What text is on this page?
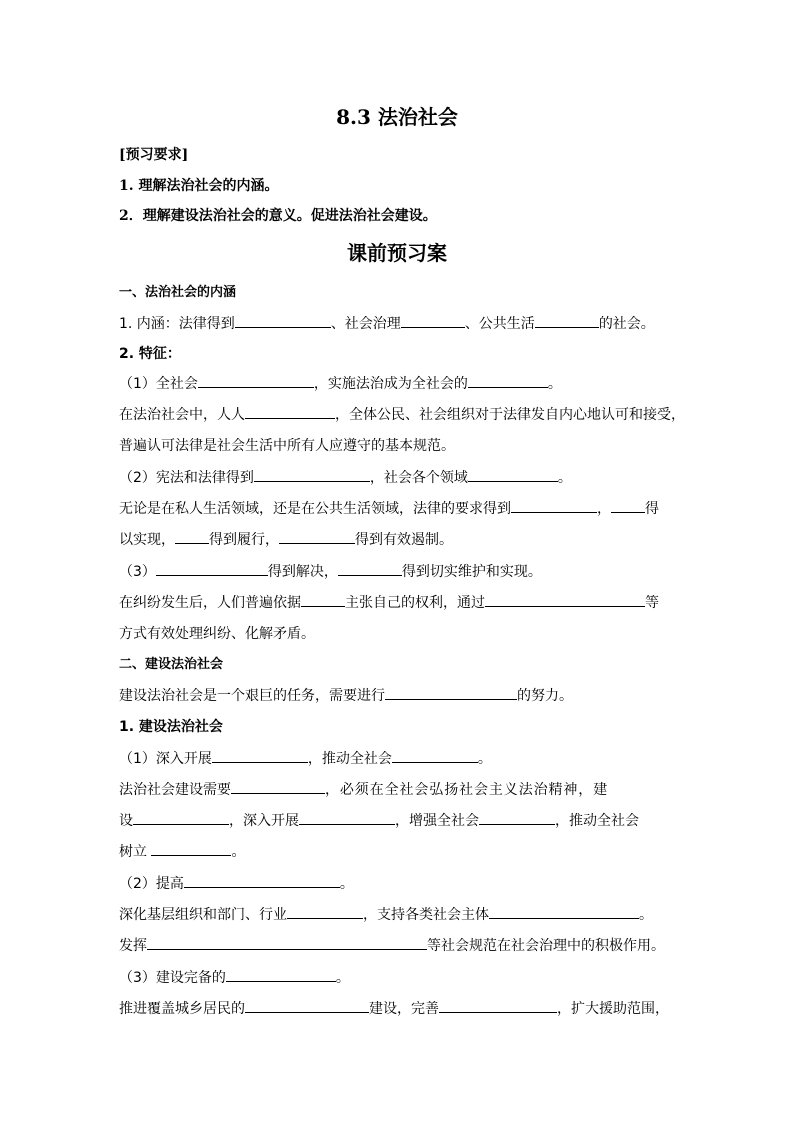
8.3 法治社会
[预习要求]
1. 理解法治社会的内涵。
2．理解建设法治社会的意义。促进法治社会建设。
课前预习案
一、法治社会的内涵
1. 内涵：法律得到	、社会治理	、公共生活	的社会。
2. 特征：
（1）全社会	，实施法治成为全社会的	。
在法治社会中，人人	，全体公民、社会组织对于法律发自内心地认可和接受，
普遍认可法律是社会生活中所有人应遵守的基本规范。
（2）宪法和法律得到	，社会各个领域	。
无论是在私人生活领域，还是在公共生活领域，法律的要求得到	， 得
以实现， 得到履行，	得到有效遏制。
（3）	得到解决，	得到切实维护和实现。
在纠纷发生后，人们普遍依据	主张自己的权利，通过	等
方式有效处理纠纷、化解矛盾。
二、建设法治社会
建设法治社会是一个艰巨的任务，需要进行	的努力。
1. 建设法治社会
（1）深入开展	，推动全社会	。
法治社会建设需要	，必须在全社会弘扬社会主义法治精神，建
设	，深入开展	，增强全社会	，推动全社会
树立	。
（2）提高	。
深化基层组织和部门、行业	，支持各类社会主体	。
发挥	等社会规范在社会治理中的积极作用。
（3）建设完备的	。
推进覆盖城乡居民的	建设，完善	，扩大援助范围，
